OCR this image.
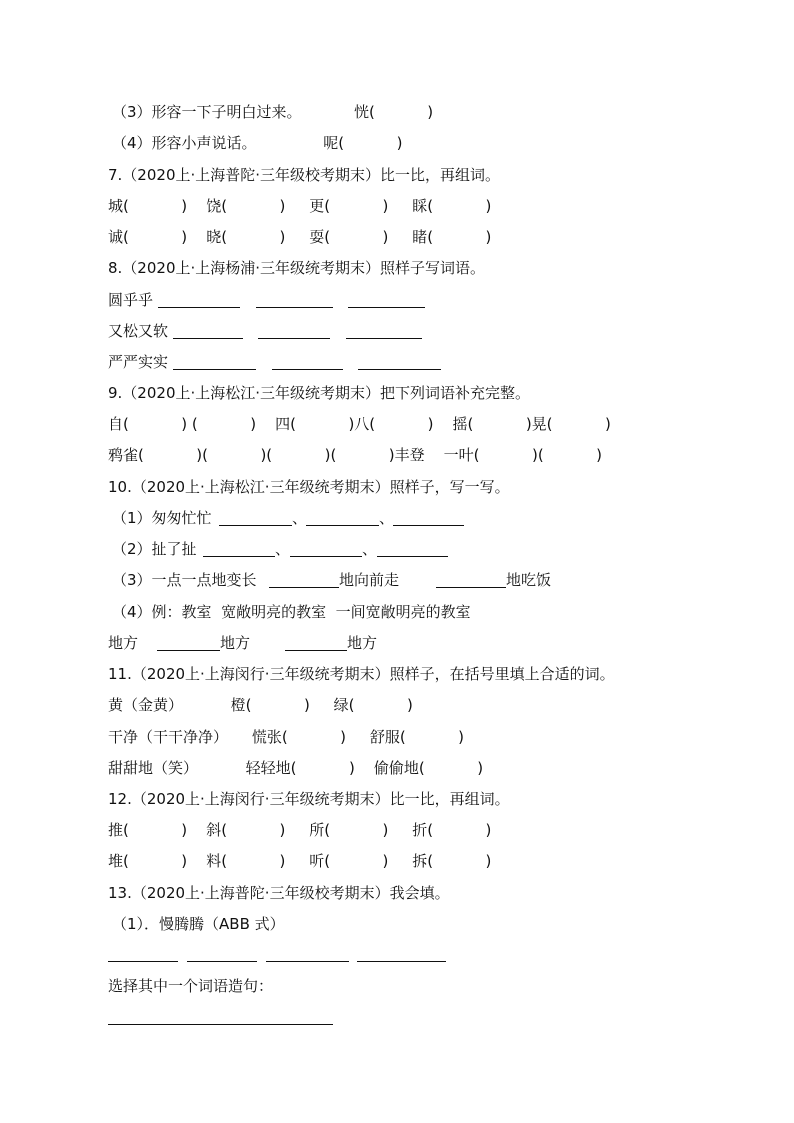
（3）形容一下子明白过来。           恍(           )
（4）形容小声说话。              呢(           )
7.（2020上·上海普陀·三年级校考期末）比一比，再组词。
城(           )    饶(           )     更(           )     睬(           )
诚(           )    晓(           )     耍(           )     睹(           )
8.（2020上·上海杨浦·三年级统考期末）照样子写词语。
圆乎乎
又松又软
严严实实
9.（2020上·上海松江·三年级统考期末）把下列词语补充完整。
自(           ) (           )    四(           )八(           )    摇(           )晃(           )
鸦雀(           )(           )(           )(           )丰登    一叶(           )(           )
10.（2020上·上海松江·三年级统考期末）照样子，写一写。
（1）匆匆忙忙	、	、
（2）扯了扯	、	、
（3）一点一点地变长	地向前走	地吃饭
（4）例：教室  宽敞明亮的教室  一间宽敞明亮的教室
地方	地方	地方
11.（2020上·上海闵行·三年级统考期末）照样子，在括号里填上合适的词。
黄（金黄）          橙(           )     绿(           )
干净（干干净净）     慌张(           )     舒服(           )
甜甜地（笑）          轻轻地(           )    偷偷地(           )
12.（2020上·上海闵行·三年级统考期末）比一比，再组词。
推(           )    斜(           )     所(           )     折(           )
堆(           )    料(           )     听(           )     拆(           )
13.（2020上·上海普陀·三年级校考期末）我会填。
（1）．慢腾腾（ABB 式）
选择其中一个词语造句：
